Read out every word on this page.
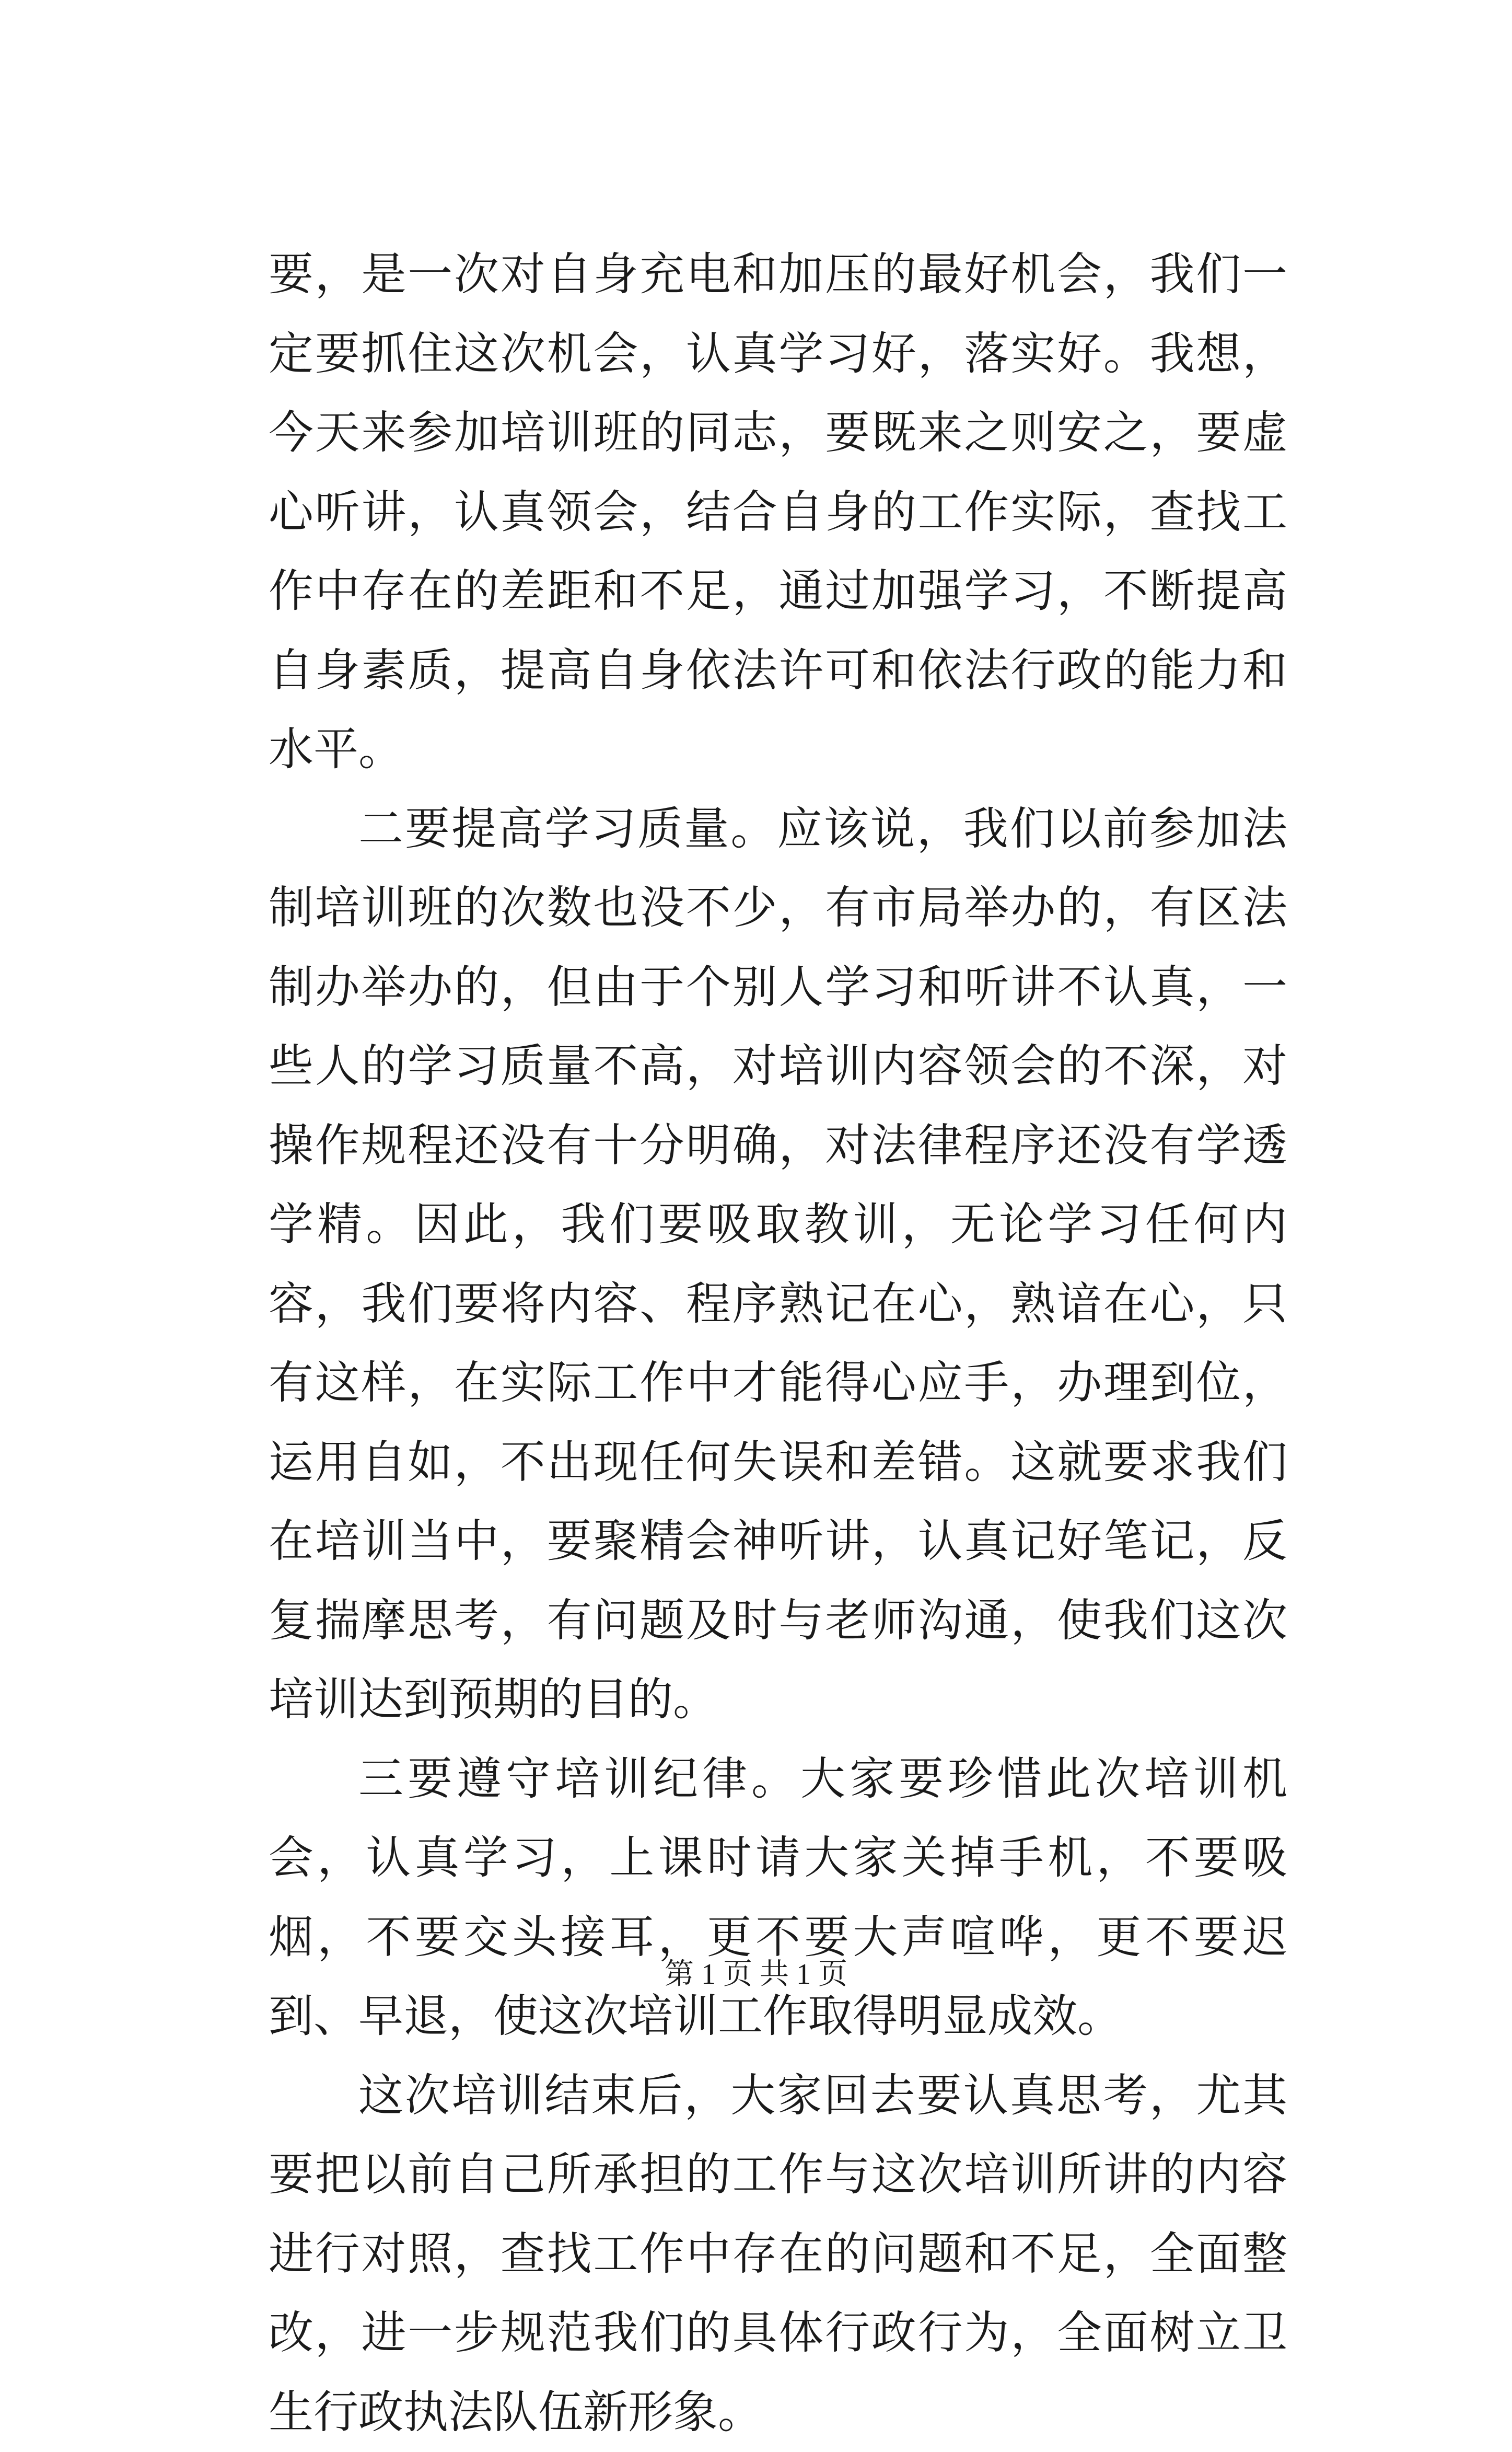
要，是一次对自身充电和加压的最好机会，我们一定要抓住这次机会，认真学习好，落实好。我想，今天来参加培训班的同志，要既来之则安之，要虚心听讲，认真领会，结合自身的工作实际，查找工作中存在的差距和不足，通过加强学习，不断提高自身素质，提高自身依法许可和依法行政的能力和水平。

二要提高学习质量。应该说，我们以前参加法制培训班的次数也没不少，有市局举办的，有区法制办举办的，但由于个别人学习和听讲不认真，一些人的学习质量不高，对培训内容领会的不深，对操作规程还没有十分明确，对法律程序还没有学透学精。因此，我们要吸取教训，无论学习任何内容，我们要将内容、程序熟记在心，熟谙在心，只有这样，在实际工作中才能得心应手，办理到位，运用自如，不出现任何失误和差错。这就要求我们在培训当中，要聚精会神听讲，认真记好笔记，反复揣摩思考，有问题及时与老师沟通，使我们这次培训达到预期的目的。

三要遵守培训纪律。大家要珍惜此次培训机会，认真学习，上课时请大家关掉手机，不要吸烟，不要交头接耳，更不要大声喧哗，更不要迟到、早退，使这次培训工作取得明显成效。

这次培训结束后，大家回去要认真思考，尤其要把以前自己所承担的工作与这次培训所讲的内容进行对照，查找工作中存在的问题和不足，全面整改，进一步规范我们的具体行政行为，全面树立卫生行政执法队伍新形象。

第 1 页 共 1 页
